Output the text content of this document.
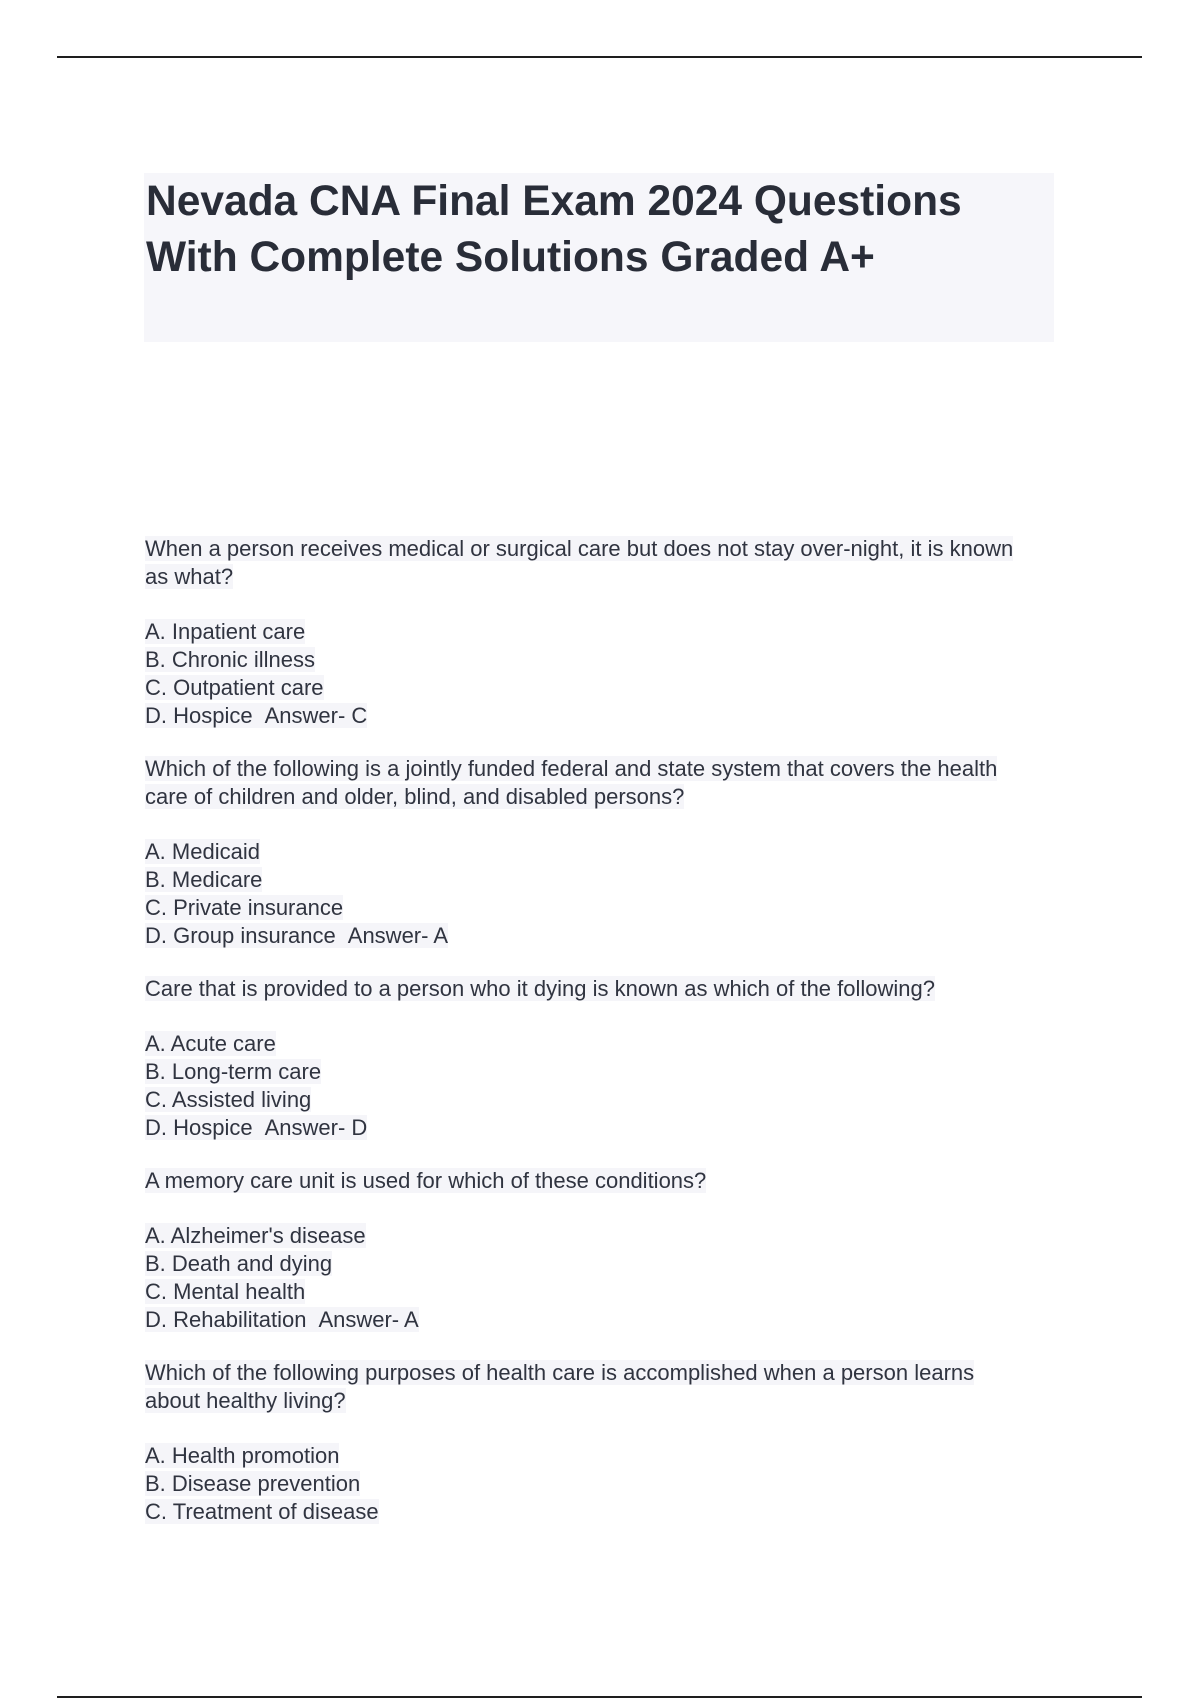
Nevada CNA Final Exam 2024 Questions With Complete Solutions Graded A+

When a person receives medical or surgical care but does not stay over-night, it is known as what?

A. Inpatient care
B. Chronic illness
C. Outpatient care
D. Hospice Answer- C

Which of the following is a jointly funded federal and state system that covers the health care of children and older, blind, and disabled persons?

A. Medicaid
B. Medicare
C. Private insurance
D. Group insurance Answer- A

Care that is provided to a person who it dying is known as which of the following?

A. Acute care
B. Long-term care
C. Assisted living
D. Hospice Answer- D

A memory care unit is used for which of these conditions?

A. Alzheimer's disease
B. Death and dying
C. Mental health
D. Rehabilitation Answer- A

Which of the following purposes of health care is accomplished when a person learns about healthy living?

A. Health promotion
B. Disease prevention
C. Treatment of disease
